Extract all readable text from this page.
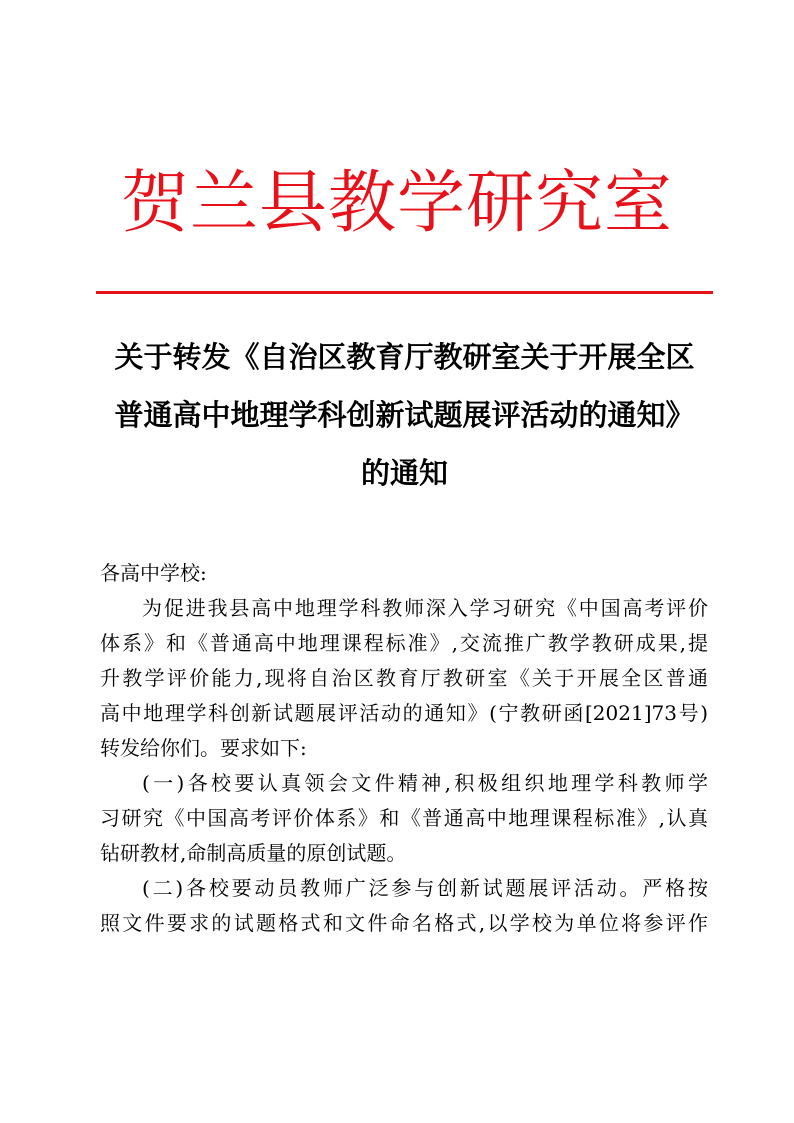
贺兰县教学研究室
关于转发《自治区教育厅教研室关于开展全区
普通高中地理学科创新试题展评活动的通知》
的通知
各高中学校:
为促进我县高中地理学科教师深入学习研究《中国高考评价
体系》和《普通高中地理课程标准》,交流推广教学教研成果,提
升教学评价能力,现将自治区教育厅教研室《关于开展全区普通
高中地理学科创新试题展评活动的通知》(宁教研函[2021]73号)
转发给你们。要求如下:
(一)各校要认真领会文件精神,积极组织地理学科教师学
习研究《中国高考评价体系》和《普通高中地理课程标准》,认真
钻研教材,命制高质量的原创试题。
(二)各校要动员教师广泛参与创新试题展评活动。严格按
照文件要求的试题格式和文件命名格式,以学校为单位将参评作
